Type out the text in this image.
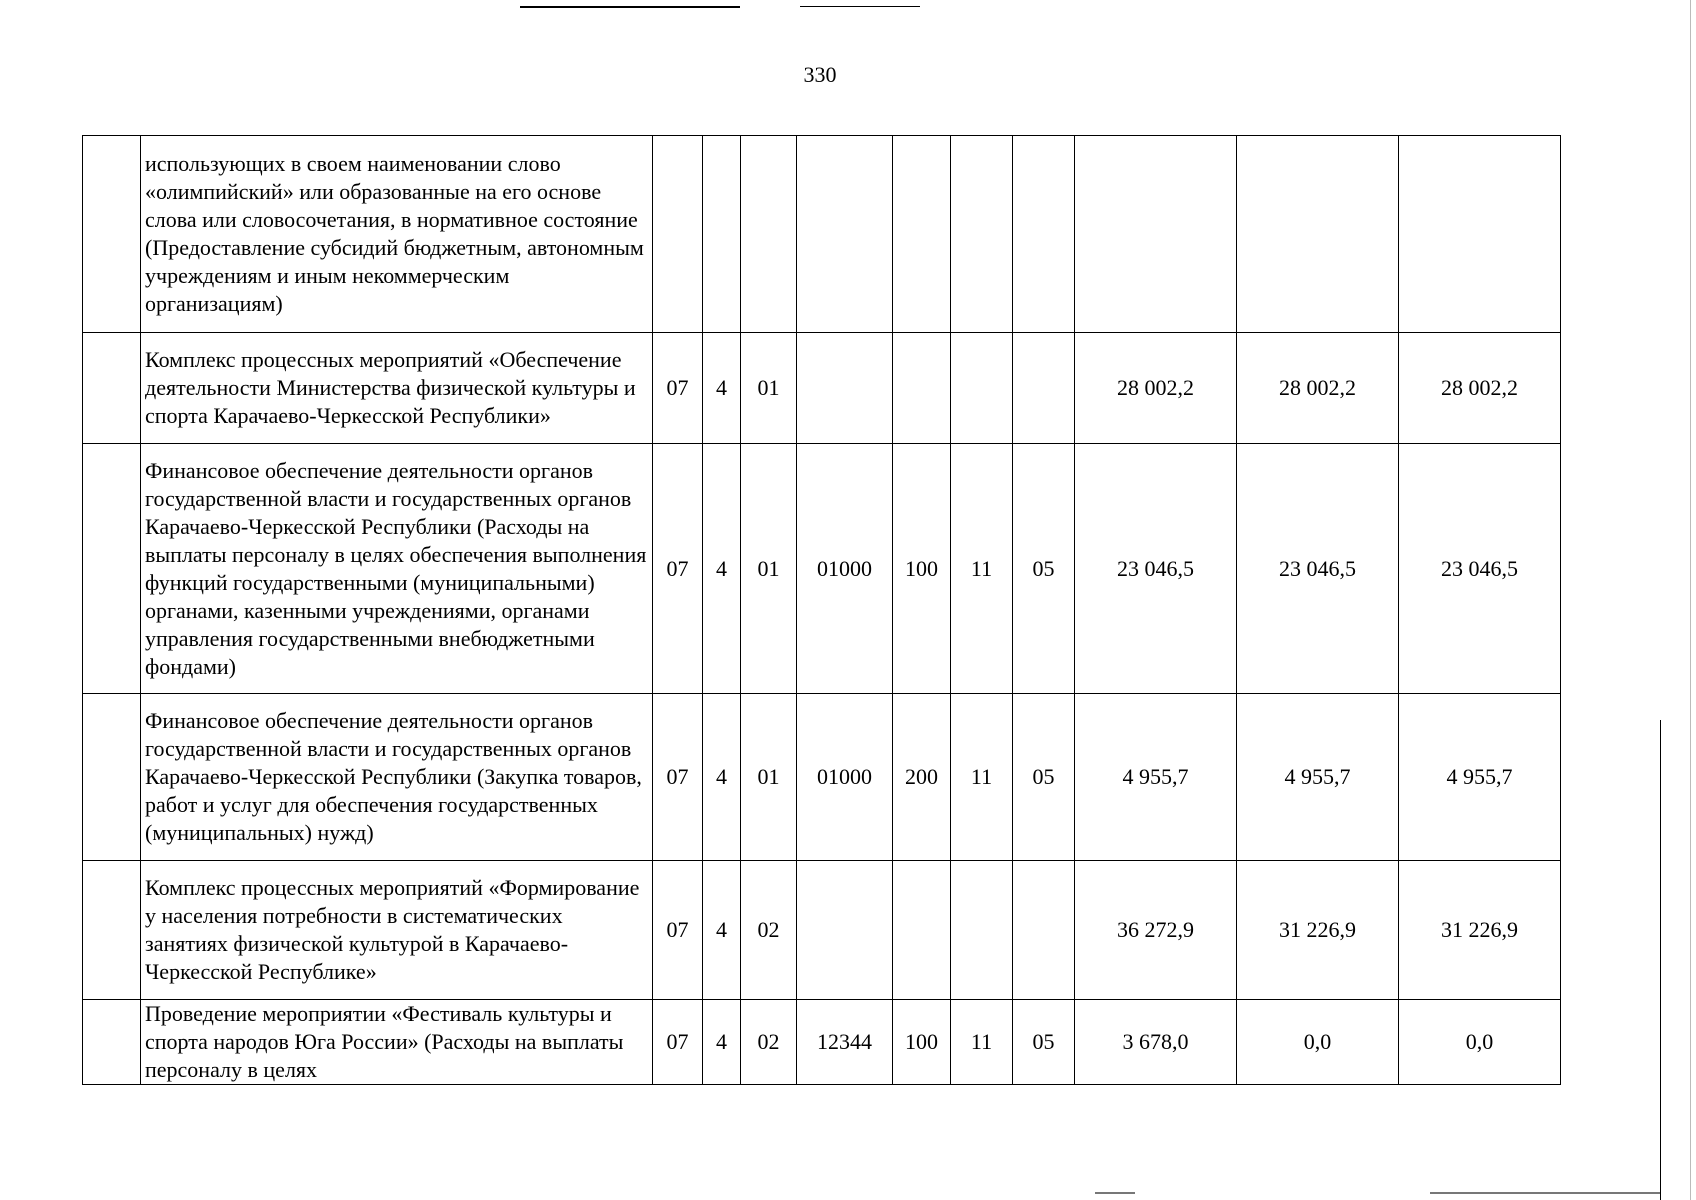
330
	использующих в своем наименовании слово «олимпийский» или образованные на его основе слова или словосочетания, в нормативное состояние (Предоставление субсидий бюджетным, автономным учреждениям и иным некоммерческим организациям)										
	Комплекс процессных мероприятий «Обеспечение деятельности Министерства физической культуры и спорта Карачаево-Черкесской Республики»	07	4	01					28 002,2	28 002,2	28 002,2
	Финансовое обеспечение деятельности органов государственной власти и государственных органов Карачаево-Черкесской Республики (Расходы на выплаты персоналу в целях обеспечения выполнения функций государственными (муниципальными) органами, казенными учреждениями, органами управления государственными внебюджетными фондами)	07	4	01	01000	100	11	05	23 046,5	23 046,5	23 046,5
	Финансовое обеспечение деятельности органов государственной власти и государственных органов Карачаево-Черкесской Республики (Закупка товаров, работ и услуг для обеспечения государственных (муниципальных) нужд)	07	4	01	01000	200	11	05	4 955,7	4 955,7	4 955,7
	Комплекс процессных мероприятий «Формирование у населения потребности в систематических занятиях физической культурой в Карачаево-Черкесской Республике»	07	4	02					36 272,9	31 226,9	31 226,9
	Проведение мероприятии «Фестиваль культуры и спорта народов Юга России» (Расходы на выплаты персоналу в целях	07	4	02	12344	100	11	05	3 678,0	0,0	0,0
